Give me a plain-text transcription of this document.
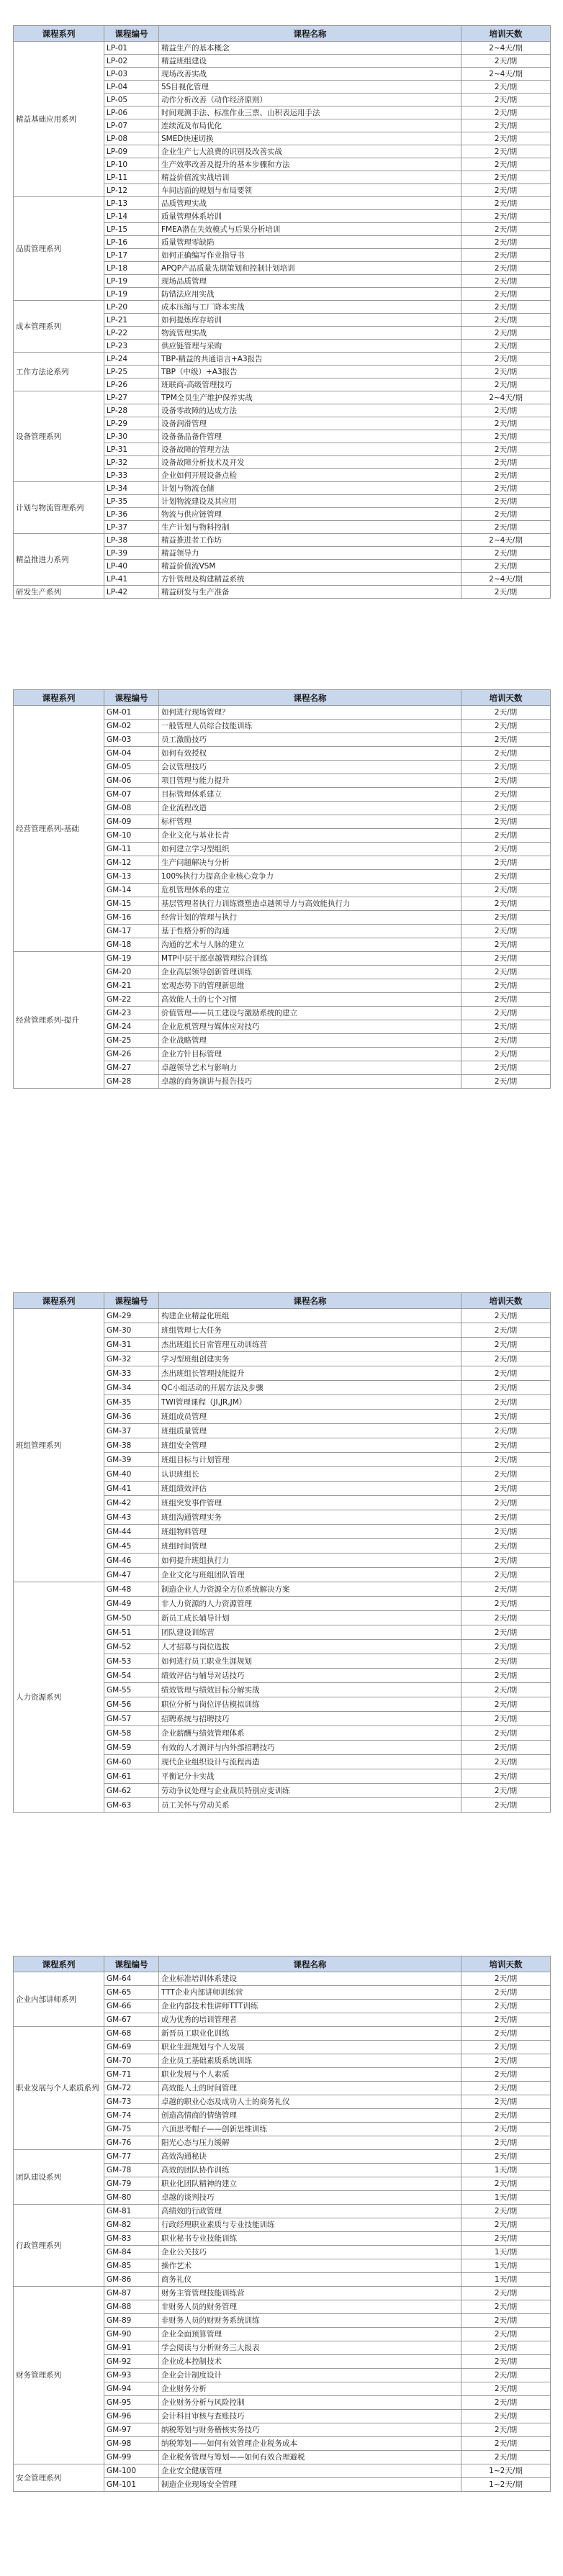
课程系列	课程编号	课程名称	培训天数
精益基础应用系列	LP-01	精益生产的基本概念	2~4天/期
	LP-02	精益班组建设	2天/期
	LP-03	现场改善实战	2~4天/期
	LP-04	5S目视化管理	2天/期
	LP-05	动作分析改善（动作经济原则）	2天/期
	LP-06	时间观测手法、标准作业三票、山积表运用手法	2天/期
	LP-07	连续流及布局优化	2天/期
	LP-08	SMED快速切换	2天/期
	LP-09	企业生产七大浪费的识别及改善实战	2天/期
	LP-10	生产效率改善及提升的基本步骤和方法	2天/期
	LP-11	精益价值流实战培训	2天/期
	LP-12	车间店面的规划与布局要领	2天/期
品质管理系列	LP-13	品质管理实战	2天/期
	LP-14	质量管理体系培训	2天/期
	LP-15	FMEA潜在失效模式与后果分析培训	2天/期
	LP-16	质量管理零缺陷	2天/期
	LP-17	如何正确编写作业指导书	2天/期
	LP-18	APQP产品质量先期策划和控制计划培训	2天/期
	LP-19	现场品质管理	2天/期
	LP-19	防错法应用实战	2天/期
成本管理系列	LP-20	成本压缩与工厂降本实战	2天/期
	LP-21	如何提炼库存培训	2天/期
	LP-22	物流管理实战	2天/期
	LP-23	供应链管理与采购	2天/期
工作方法论系列	LP-24	TBP-精益的共通语言+A3报告	2天/期
	LP-25	TBP（中级）+A3报告	2天/期
	LP-26	班联商-高级管理技巧	2天/期
设备管理系列	LP-27	TPM全员生产维护保养实战	2~4天/期
	LP-28	设备零故障的达成方法	2天/期
	LP-29	设备润滑管理	2天/期
	LP-30	设备备品备件管理	2天/期
	LP-31	设备故障的管理方法	2天/期
	LP-32	设备故障分析技术及开发	2天/期
	LP-33	企业如何开展设备点检	2天/期
计划与物流管理系列	LP-34	计划与物流仓储	2天/期
	LP-35	计划物流建设及其应用	2天/期
	LP-36	物流与供应链管理	2天/期
	LP-37	生产计划与物料控制	2天/期
精益推进力系列	LP-38	精益推进者工作坊	2~4天/期
	LP-39	精益领导力	2天/期
	LP-40	精益价值流VSM	2天/期
	LP-41	方针管理及构建精益系统	2~4天/期
研发生产系列	LP-42	精益研发与生产准备	2天/期
课程系列	课程编号	课程名称	培训天数
经营管理系列-基础	GM-01	如何进行现场管理？	2天/期
	GM-02	一般管理人员综合技能训练	2天/期
	GM-03	员工激励技巧	2天/期
	GM-04	如何有效授权	2天/期
	GM-05	会议管理技巧	2天/期
	GM-06	项目管理与能力提升	2天/期
	GM-07	目标管理体系建立	2天/期
	GM-08	企业流程改造	2天/期
	GM-09	标杆管理	2天/期
	GM-10	企业文化与基业长青	2天/期
	GM-11	如何建立学习型组织	2天/期
	GM-12	生产问题解决与分析	2天/期
	GM-13	100%执行力提高企业核心竞争力	2天/期
	GM-14	危机管理体系的建立	2天/期
	GM-15	基层管理者执行力训练暨塑造卓越领导力与高效能执行力	2天/期
	GM-16	经营计划的管理与执行	2天/期
	GM-17	基于性格分析的沟通	2天/期
	GM-18	沟通的艺术与人脉的建立	2天/期
经营管理系列-提升	GM-19	MTP中层干部卓越管理综合训练	2天/期
	GM-20	企业高层领导创新管理训练	2天/期
	GM-21	宏观态势下的管理新思维	2天/期
	GM-22	高效能人士的七个习惯	2天/期
	GM-23	价值管理——员工建设与激励系统的建立	2天/期
	GM-24	企业危机管理与媒体应对技巧	2天/期
	GM-25	企业战略管理	2天/期
	GM-26	企业方针目标管理	2天/期
	GM-27	卓越领导艺术与影响力	2天/期
	GM-28	卓越的商务演讲与报告技巧	2天/期
课程系列	课程编号	课程名称	培训天数
班组管理系列	GM-29	构建企业精益化班组	2天/期
	GM-30	班组管理七大任务	2天/期
	GM-31	杰出班组长日常管理互动训练营	2天/期
	GM-32	学习型班组创建实务	2天/期
	GM-33	杰出班组长管理技能提升	2天/期
	GM-34	QC小组活动的开展方法及步骤	2天/期
	GM-35	TWI管理课程（JI,JR,JM）	2天/期
	GM-36	班组成员管理	2天/期
	GM-37	班组质量管理	2天/期
	GM-38	班组安全管理	2天/期
	GM-39	班组目标与计划管理	2天/期
	GM-40	认识班组长	2天/期
	GM-41	班组绩效评估	2天/期
	GM-42	班组突发事件管理	2天/期
	GM-43	班组沟通管理实务	2天/期
	GM-44	班组物料管理	2天/期
	GM-45	班组时间管理	2天/期
	GM-46	如何提升班组执行力	2天/期
	GM-47	企业文化与班组团队管理	2天/期
人力资源系列	GM-48	制造企业人力资源全方位系统解决方案	2天/期
	GM-49	非人力资源的人力资源管理	2天/期
	GM-50	新员工成长辅导计划	2天/期
	GM-51	团队建设训练营	2天/期
	GM-52	人才招募与岗位选拔	2天/期
	GM-53	如何进行员工职业生涯规划	2天/期
	GM-54	绩效评估与辅导对话技巧	2天/期
	GM-55	绩效管理与绩效目标分解实战	2天/期
	GM-56	职位分析与岗位评估模拟训练	2天/期
	GM-57	招聘系统与招聘技巧	2天/期
	GM-58	企业薪酬与绩效管理体系	2天/期
	GM-59	有效的人才测评与内外部招聘技巧	2天/期
	GM-60	现代企业组织设计与流程再造	2天/期
	GM-61	平衡记分卡实战	2天/期
	GM-62	劳动争议处理与企业裁员特别应变训练	2天/期
	GM-63	员工关怀与劳动关系	2天/期
课程系列	课程编号	课程名称	培训天数
企业内部讲师系列	GM-64	企业标准培训体系建设	2天/期
	GM-65	TTT企业内部讲师训练营	2天/期
	GM-66	企业内部技术性讲师TTT训练	2天/期
	GM-67	成为优秀的培训管理者	2天/期
职业发展与个人素质系列	GM-68	新晋员工职业化训练	2天/期
	GM-69	职业生涯规划与个人发展	2天/期
	GM-70	企业员工基础素质系统训练	2天/期
	GM-71	职业发展与个人素质	2天/期
	GM-72	高效能人士的时间管理	2天/期
	GM-73	卓越的职业心态及成功人士的商务礼仪	2天/期
	GM-74	创造高情商的情绪管理	2天/期
	GM-75	六顶思考帽子——创新思维训练	2天/期
	GM-76	阳光心态与压力缓解	2天/期
团队建设系列	GM-77	高效沟通秘诀	2天/期
	GM-78	高效的团队协作训练	1天/期
	GM-79	职业化团队精神的建立	2天/期
	GM-80	卓越的谈判技巧	1天/期
行政管理系列	GM-81	高绩效的行政管理	2天/期
	GM-82	行政经理职业素质与专业技能训练	2天/期
	GM-83	职业秘书专业技能训练	2天/期
	GM-84	企业公关技巧	1天/期
	GM-85	操作艺术	1天/期
	GM-86	商务礼仪	1天/期
财务管理系列	GM-87	财务主管管理技能训练营	2天/期
	GM-88	非财务人员的财务管理	2天/期
	GM-89	非财务人员的财财务系统训练	2天/期
	GM-90	企业全面预算管理	2天/期
	GM-91	学会阅读与分析财务三大报表	2天/期
	GM-92	企业成本控制技术	2天/期
	GM-93	企业会计制度设计	2天/期
	GM-94	企业财务分析	2天/期
	GM-95	企业财务分析与风险控制	2天/期
	GM-96	会计科目审核与查账技巧	2天/期
	GM-97	纳税筹划与财务稽核实务技巧	2天/期
	GM-98	纳税筹划——如何有效管理企业税务成本	2天/期
	GM-99	企业税务管理与筹划——如何有效合理避税	2天/期
安全管理系列	GM-100	企业安全健康管理	1~2天/期
	GM-101	制造企业现场安全管理	1~2天/期
